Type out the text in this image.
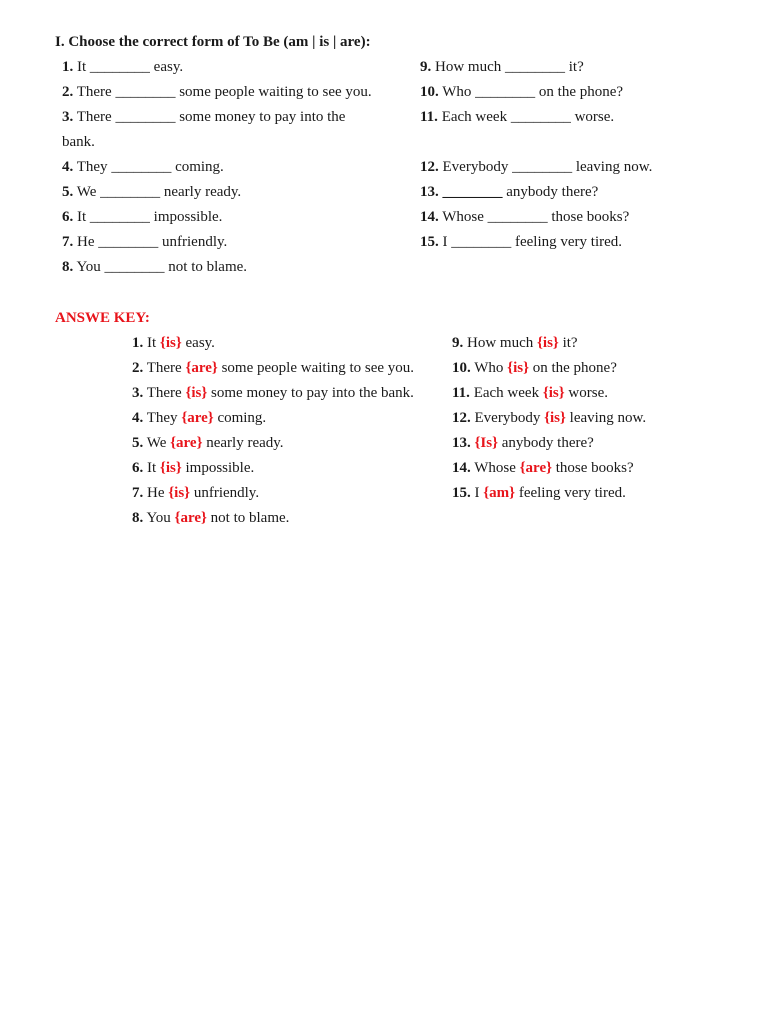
I. Choose the correct form of To Be (am | is | are):
1. It ________ easy.
2. There ________ some people waiting to see you.
3. There ________ some money to pay into the bank.
4. They ________ coming.
5. We ________ nearly ready.
6. It ________ impossible.
7. He ________ unfriendly.
8. You ________ not to blame.
9. How much ________ it?
10. Who ________ on the phone?
11. Each week ________ worse.
12. Everybody ________ leaving now.
13. ________ anybody there?
14. Whose ________ those books?
15. I ________ feeling very tired.
ANSWE KEY:
1. It {is} easy.
2. There {are} some people waiting to see you.
3. There {is} some money to pay into the bank.
4. They {are} coming.
5. We {are} nearly ready.
6. It {is} impossible.
7. He {is} unfriendly.
8. You {are} not to blame.
9. How much {is} it?
10. Who {is} on the phone?
11. Each week {is} worse.
12. Everybody {is} leaving now.
13. {Is} anybody there?
14. Whose {are} those books?
15. I {am} feeling very tired.
